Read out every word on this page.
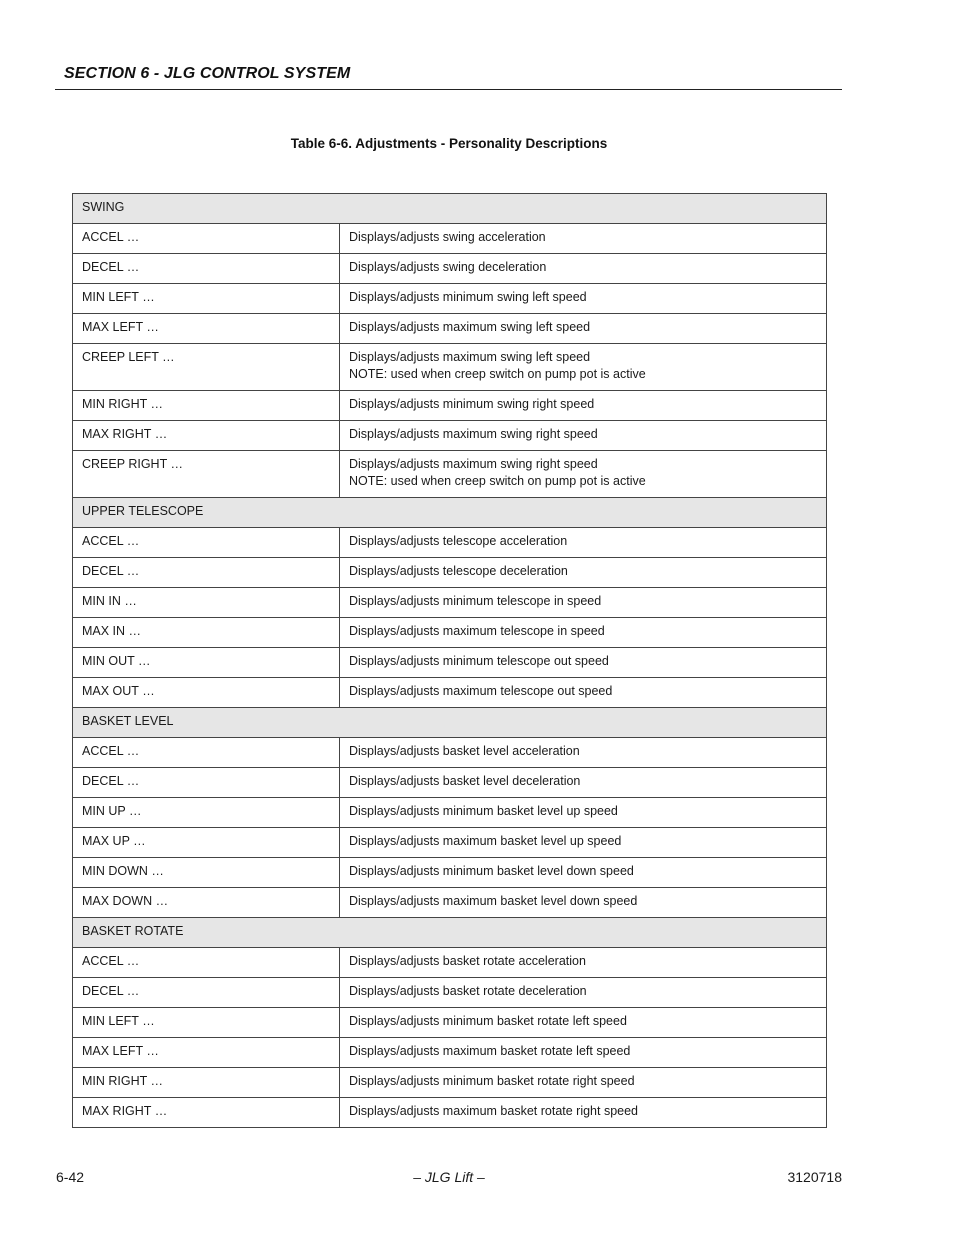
SECTION 6 - JLG CONTROL SYSTEM
Table 6-6. Adjustments - Personality Descriptions
SWING	
ACCEL …	Displays/adjusts swing acceleration

DECEL …	Displays/adjusts swing deceleration

MIN LEFT …	Displays/adjusts minimum swing left speed

MAX LEFT …	Displays/adjusts maximum swing left speed

CREEP LEFT …	Displays/adjusts maximum swing left speed
NOTE: used when creep switch on pump pot is active

MIN RIGHT …	Displays/adjusts minimum swing right speed

MAX RIGHT …	Displays/adjusts maximum swing right speed

CREEP RIGHT …	Displays/adjusts maximum swing right speed
NOTE: used when creep switch on pump pot is active

UPPER TELESCOPE	
ACCEL …	Displays/adjusts telescope acceleration

DECEL …	Displays/adjusts telescope deceleration

MIN IN …	Displays/adjusts minimum telescope in speed

MAX IN …	Displays/adjusts maximum telescope in speed

MIN OUT …	Displays/adjusts minimum telescope out speed

MAX OUT …	Displays/adjusts maximum telescope out speed

BASKET LEVEL	
ACCEL …	Displays/adjusts basket level acceleration

DECEL …	Displays/adjusts basket level deceleration

MIN UP …	Displays/adjusts minimum basket level up speed

MAX UP …	Displays/adjusts maximum basket level up speed

MIN DOWN …	Displays/adjusts minimum basket level down speed

MAX DOWN …	Displays/adjusts maximum basket level down speed

BASKET ROTATE	
ACCEL …	Displays/adjusts basket rotate acceleration

DECEL …	Displays/adjusts basket rotate deceleration

MIN LEFT …	Displays/adjusts minimum basket rotate left speed

MAX LEFT …	Displays/adjusts maximum basket rotate left speed

MIN RIGHT …	Displays/adjusts minimum basket rotate right speed

MAX RIGHT …	Displays/adjusts maximum basket rotate right speed
6-42	– JLG Lift –	3120718
